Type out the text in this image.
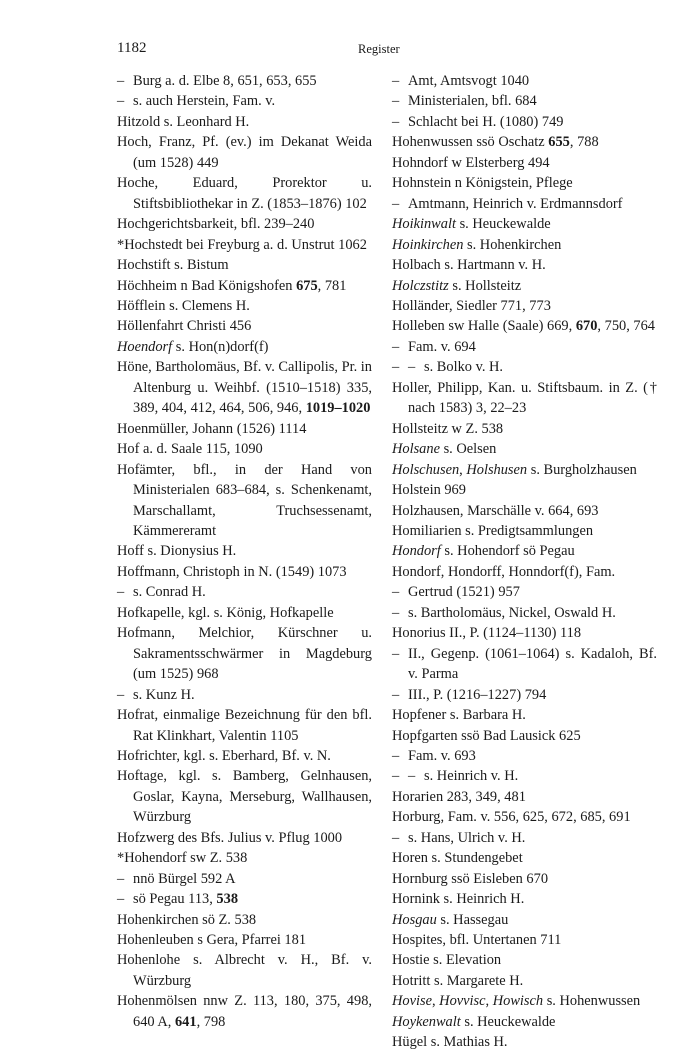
1182	Register
– Burg a. d. Elbe 8, 651, 653, 655
– s. auch Herstein, Fam. v.
Hitzold s. Leonhard H.
Hoch, Franz, Pf. (ev.) im Dekanat Weida (um 1528) 449
Hoche, Eduard, Prorektor u. Stiftsbibliothekar in Z. (1853–1876) 102
Hochgerichtsbarkeit, bfl. 239–240
*Hochstedt bei Freyburg a. d. Unstrut 1062
Hochstift s. Bistum
Höchheim n Bad Königshofen 675, 781
Höfflein s. Clemens H.
Höllenfahrt Christi 456
Hoendorf s. Hon(n)dorf(f)
Höne, Bartholomäus, Bf. v. Callipolis, Pr. in Altenburg u. Weihbf. (1510–1518) 335, 389, 404, 412, 464, 506, 946, 1019–1020
Hoenmüller, Johann (1526) 1114
Hof a. d. Saale 115, 1090
Hofämter, bfl., in der Hand von Ministerialen 683–684, s. Schenkenamt, Marschallamt, Truchsessenamt, Kämmereramt
Hoff s. Dionysius H.
Hoffmann, Christoph in N. (1549) 1073
– s. Conrad H.
Hofkapelle, kgl. s. König, Hofkapelle
Hofmann, Melchior, Kürschner u. Sakramentsschwärmer in Magdeburg (um 1525) 968
– s. Kunz H.
Hofrat, einmalige Bezeichnung für den bfl. Rat Klinkhart, Valentin 1105
Hofrichter, kgl. s. Eberhard, Bf. v. N.
Hoftage, kgl. s. Bamberg, Gelnhausen, Goslar, Kayna, Merseburg, Wallhausen, Würzburg
Hofzwerg des Bfs. Julius v. Pflug 1000
*Hohendorf sw Z. 538
– nnö Bürgel 592 A
– sö Pegau 113, 538
Hohenkirchen sö Z. 538
Hohenleuben s Gera, Pfarrei 181
Hohenlohe s. Albrecht v. H., Bf. v. Würzburg
Hohenmölsen nnw Z. 113, 180, 375, 498, 640 A, 641, 798
– Amt, Amtsvogt 1040
– Ministerialen, bfl. 684
– Schlacht bei H. (1080) 749
Hohenwussen ssö Oschatz 655, 788
Hohndorf w Elsterberg 494
Hohnstein n Königstein, Pflege
– Amtmann, Heinrich v. Erdmannsdorf
Hoikinwalt s. Heuckewalde
Hoinkirchen s. Hohenkirchen
Holbach s. Hartmann v. H.
Holczstitz s. Hollsteitz
Holländer, Siedler 771, 773
Holleben sw Halle (Saale) 669, 670, 750, 764
– Fam. v. 694
– – s. Bolko v. H.
Holler, Philipp, Kan. u. Stiftsbaum. in Z. († nach 1583) 3, 22–23
Hollsteitz w Z. 538
Holsane s. Oelsen
Holschusen, Holshusen s. Burgholzhausen
Holstein 969
Holzhausen, Marschälle v. 664, 693
Homiliarien s. Predigtsammlungen
Hondorf s. Hohendorf sö Pegau
Hondorf, Hondorff, Honndorf(f), Fam.
– Gertrud (1521) 957
– s. Bartholomäus, Nickel, Oswald H.
Honorius II., P. (1124–1130) 118
– II., Gegenp. (1061–1064) s. Kadaloh, Bf. v. Parma
– III., P. (1216–1227) 794
Hopfener s. Barbara H.
Hopfgarten ssö Bad Lausick 625
– Fam. v. 693
– – s. Heinrich v. H.
Horarien 283, 349, 481
Horburg, Fam. v. 556, 625, 672, 685, 691
– s. Hans, Ulrich v. H.
Horen s. Stundengebet
Hornburg ssö Eisleben 670
Hornink s. Heinrich H.
Hosgau s. Hassegau
Hospites, bfl. Untertanen 711
Hostie s. Elevation
Hotritt s. Margarete H.
Hovise, Hovvisc, Howisch s. Hohenwussen
Hoykenwalt s. Heuckewalde
Hügel s. Mathias H.
